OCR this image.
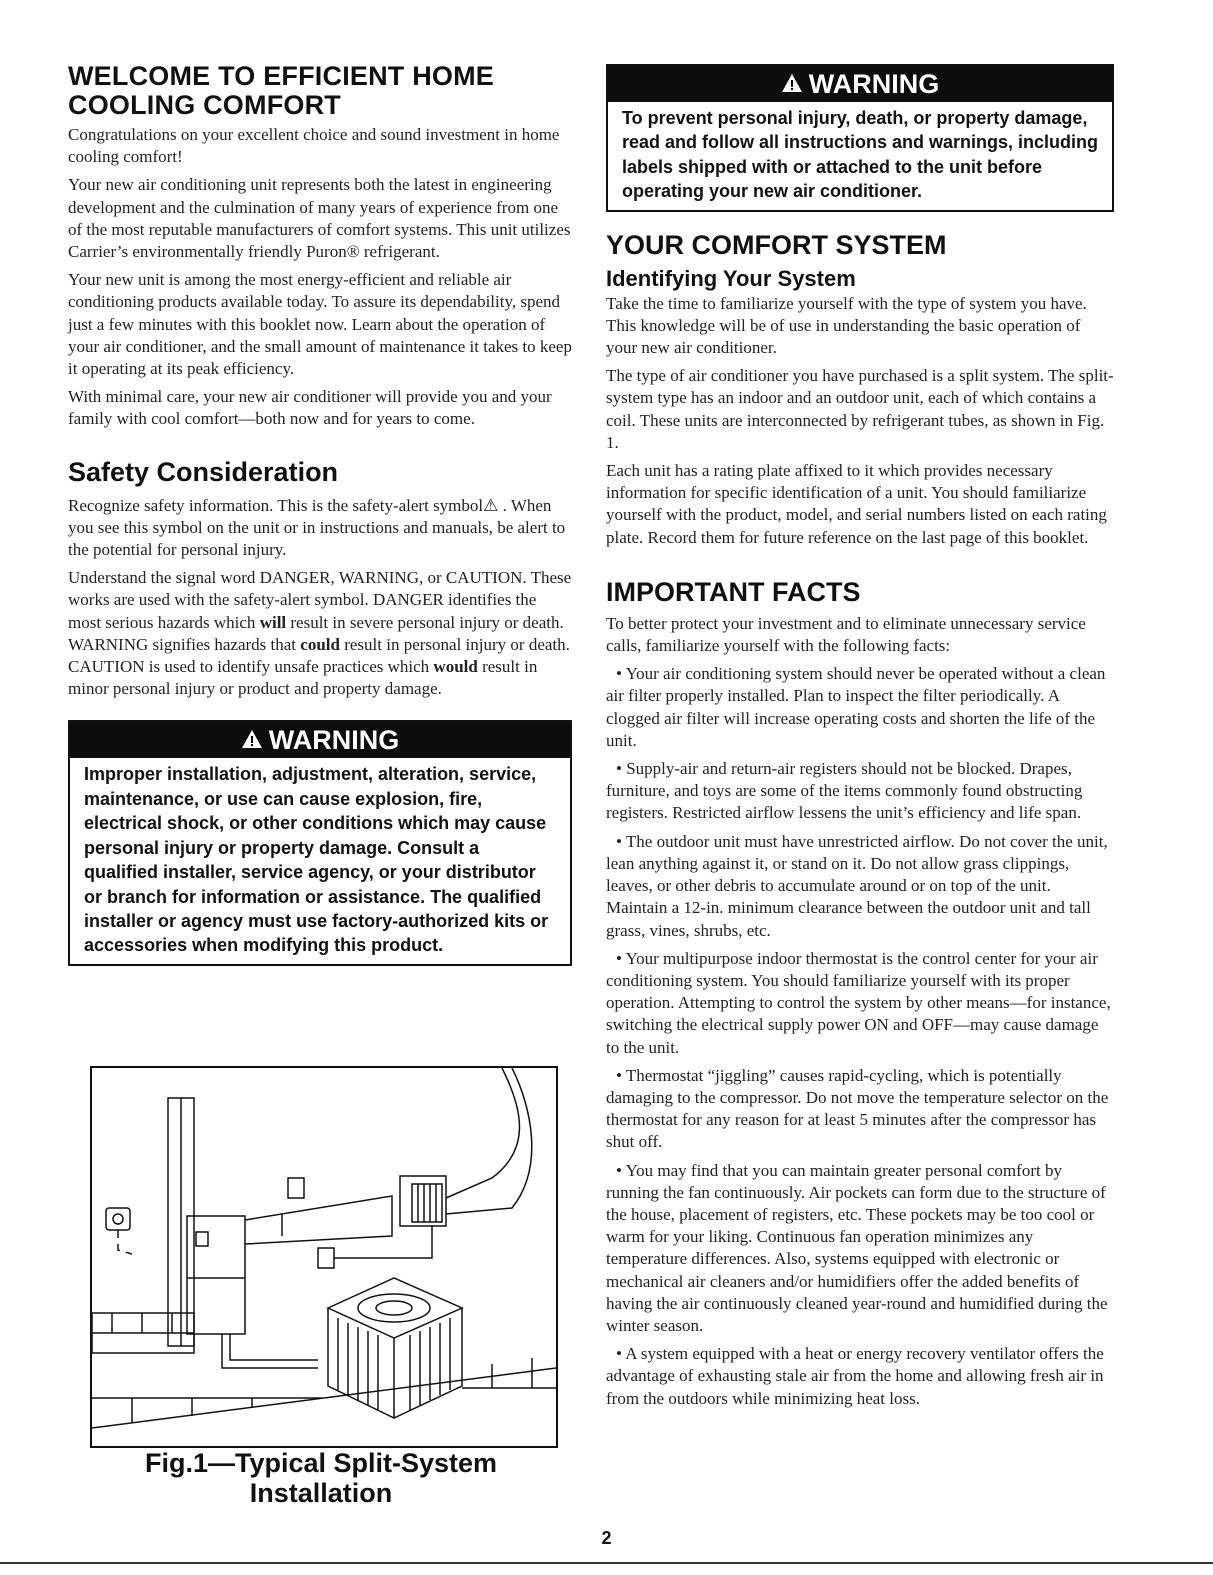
WELCOME TO EFFICIENT HOME
COOLING COMFORT

Congratulations on your excellent choice and sound investment in home cooling comfort!

Your new air conditioning unit represents both the latest in engineering development and the culmination of many years of experience from one of the most reputable manufacturers of comfort systems. This unit utilizes Carrier’s environmentally friendly Puron® refrigerant.

Your new unit is among the most energy-efficient and reliable air conditioning products available today. To assure its dependability, spend just a few minutes with this booklet now. Learn about the operation of your air conditioner, and the small amount of maintenance it takes to keep it operating at its peak efficiency.

With minimal care, your new air conditioner will provide you and your family with cool comfort—both now and for years to come.

Safety Consideration

Recognize safety information. This is the safety-alert symbol⚠ . When you see this symbol on the unit or in instructions and manuals, be alert to the potential for personal injury.

Understand the signal word DANGER, WARNING, or CAUTION. These works are used with the safety-alert symbol. DANGER identifies the most serious hazards which will result in severe personal injury or death. WARNING signifies hazards that could result in personal injury or death. CAUTION is used to identify unsafe practices which would result in minor personal injury or product and property damage.

WARNING
Improper installation, adjustment, alteration, service, maintenance, or use can cause explosion, fire, electrical shock, or other conditions which may cause personal injury or property damage. Consult a qualified installer, service agency, or your distributor or branch for information or assistance. The qualified installer or agency must use factory-authorized kits or accessories when modifying this product.
Fig.1—Typical Split-System
Installation
WARNING
To prevent personal injury, death, or property damage, read and follow all instructions and warnings, including labels shipped with or attached to the unit before operating your new air conditioner.
YOUR COMFORT SYSTEM
Identifying Your System

Take the time to familiarize yourself with the type of system you have. This knowledge will be of use in understanding the basic operation of your new air conditioner.

The type of air conditioner you have purchased is a split system. The split-system type has an indoor and an outdoor unit, each of which contains a coil. These units are interconnected by refrigerant tubes, as shown in Fig. 1.

Each unit has a rating plate affixed to it which provides necessary information for specific identification of a unit. You should familiarize yourself with the product, model, and serial numbers listed on each rating plate. Record them for future reference on the last page of this booklet.

IMPORTANT FACTS

To better protect your investment and to eliminate unnecessary service calls, familiarize yourself with the following facts:

• Your air conditioning system should never be operated without a clean air filter properly installed. Plan to inspect the filter periodically. A clogged air filter will increase operating costs and shorten the life of the unit.

• Supply-air and return-air registers should not be blocked. Drapes, furniture, and toys are some of the items commonly found obstructing registers. Restricted airflow lessens the unit’s efficiency and life span.

• The outdoor unit must have unrestricted airflow. Do not cover the unit, lean anything against it, or stand on it. Do not allow grass clippings, leaves, or other debris to accumulate around or on top of the unit. Maintain a 12-in. minimum clearance between the outdoor unit and tall grass, vines, shrubs, etc.

• Your multipurpose indoor thermostat is the control center for your air conditioning system. You should familiarize yourself with its proper operation. Attempting to control the system by other means—for instance, switching the electrical supply power ON and OFF—may cause damage to the unit.

• Thermostat “jiggling” causes rapid-cycling, which is potentially damaging to the compressor. Do not move the temperature selector on the thermostat for any reason for at least 5 minutes after the compressor has shut off.

• You may find that you can maintain greater personal comfort by running the fan continuously. Air pockets can form due to the structure of the house, placement of registers, etc. These pockets may be too cool or warm for your liking. Continuous fan operation minimizes any temperature differences. Also, systems equipped with electronic or mechanical air cleaners and/or humidifiers offer the added benefits of having the air continuously cleaned year-round and humidified during the winter season.

• A system equipped with a heat or energy recovery ventilator offers the advantage of exhausting stale air from the home and allowing fresh air in from the outdoors while minimizing heat loss.

2
